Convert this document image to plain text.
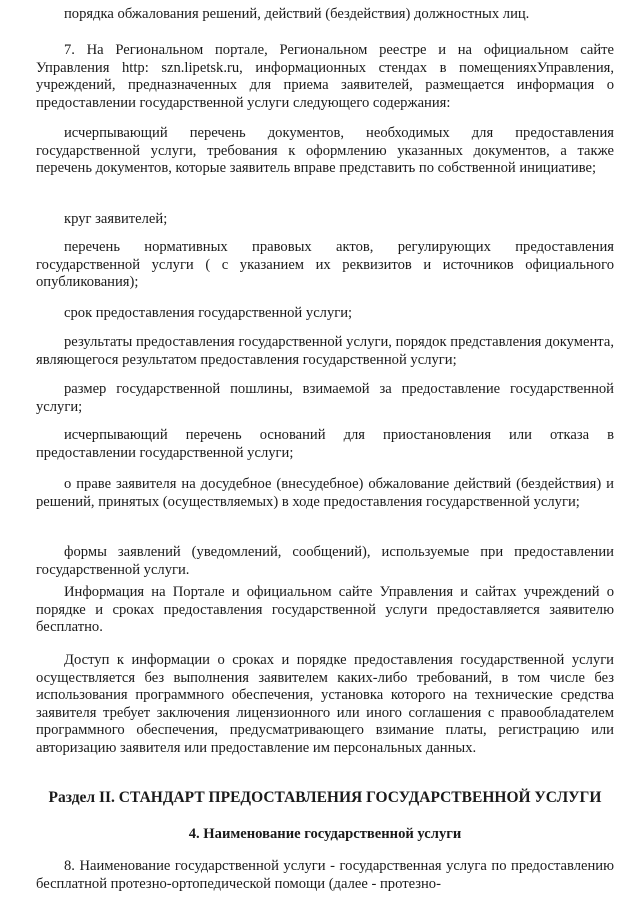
порядка обжалования решений, действий (бездействия) должностных лиц.

7. На Региональном портале, Региональном реестре и на официальном сайте Управления http: szn.lipetsk.ru, информационных стендах в помещенияхУправления, учреждений, предназначенных для приема заявителей, размещается информация о предоставлении государственной услуги следующего содержания:

исчерпывающий перечень документов, необходимых для предоставления государственной услуги, требования к оформлению указанных документов, а также перечень документов, которые заявитель вправе представить по собственной инициативе;

круг заявителей;

перечень нормативных правовых актов, регулирующих предоставления государственной услуги ( с указанием их реквизитов и источников официального опубликования);

срок предоставления государственной услуги;

результаты предоставления государственной услуги, порядок представления документа, являющегося результатом предоставления государственной услуги;

размер государственной пошлины, взимаемой за предоставление государственной услуги;

исчерпывающий перечень оснований для приостановления или отказа в предоставлении государственной услуги;

о праве заявителя на досудебное (внесудебное) обжалование действий (бездействия) и решений, принятых (осуществляемых) в ходе предоставления государственной услуги;

формы заявлений (уведомлений, сообщений), используемые при предоставлении государственной услуги.

Информация на Портале и официальном сайте Управления и сайтах учреждений о порядке и сроках предоставления государственной услуги предоставляется заявителю бесплатно.

Доступ к информации о сроках и порядке предоставления государственной услуги осуществляется без выполнения заявителем каких-либо требований, в том числе без использования программного обеспечения, установка которого на технические средства заявителя требует заключения лицензионного или иного соглашения с правообладателем программного обеспечения, предусматривающего взимание платы, регистрацию или авторизацию заявителя или предоставление им персональных данных.

Раздел II. СТАНДАРТ ПРЕДОСТАВЛЕНИЯ ГОСУДАРСТВЕННОЙ УСЛУГИ
4. Наименование государственной услуги

8. Наименование государственной услуги - государственная услуга по предоставлению бесплатной протезно-ортопедической помощи (далее - протезно-
